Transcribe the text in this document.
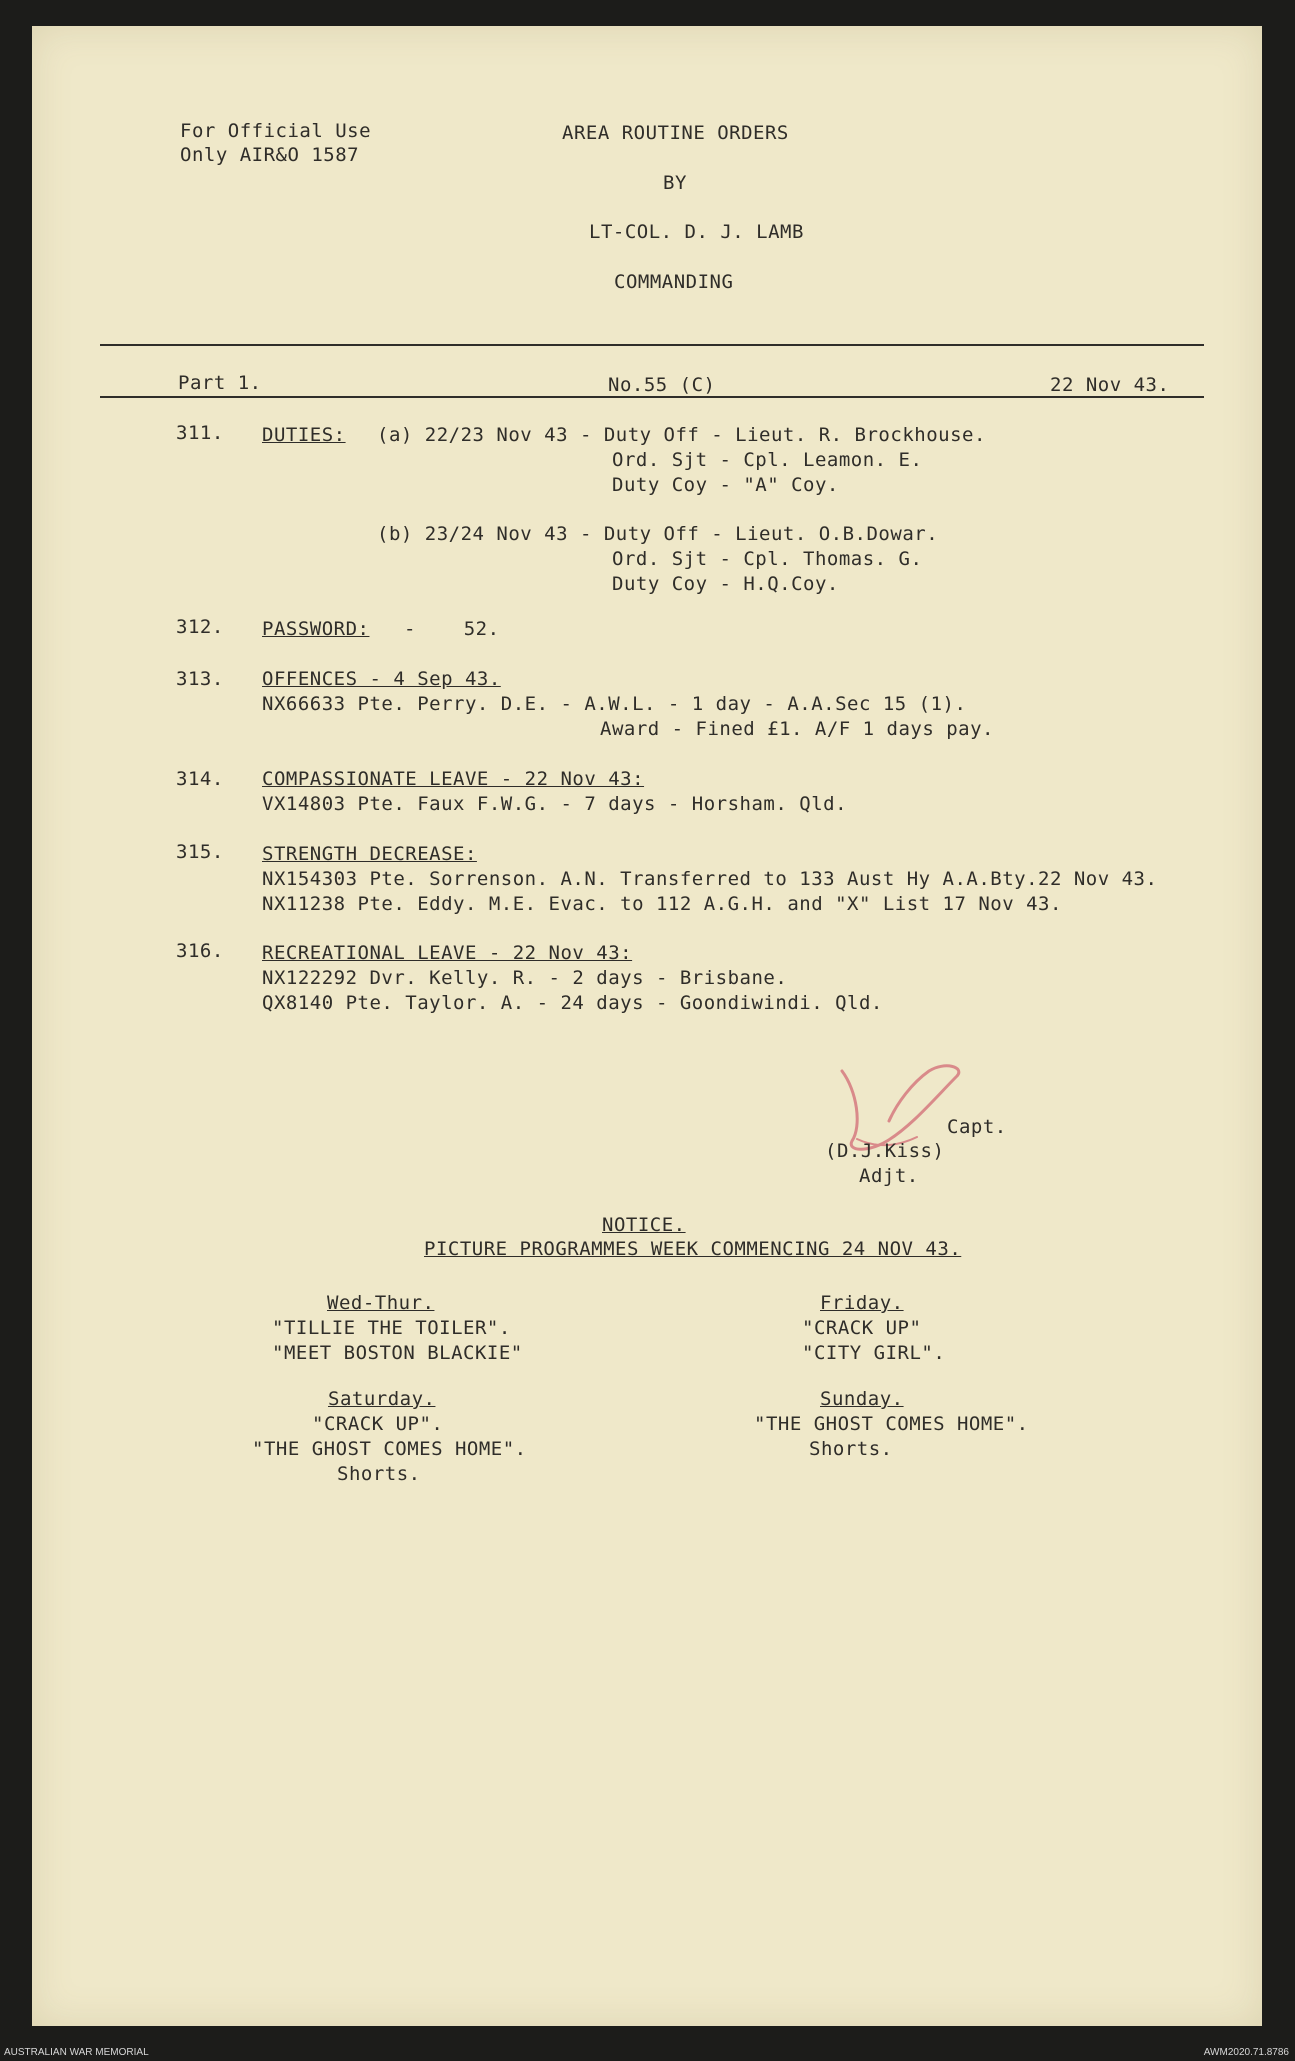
For Official Use
Only AIR&O 1587
AREA ROUTINE ORDERS
BY
LT-COL. D. J. LAMB
COMMANDING
Part 1.	No.55 (C)	22 Nov 43.
311. DUTIES: (a) 22/23 Nov 43 - Duty Off - Lieut. R. Brockhouse.
Ord. Sjt - Cpl. Leamon. E.
Duty Coy - "A" Coy.
(b) 23/24 Nov 43 - Duty Off - Lieut. O.B.Dowar.
Ord. Sjt - Cpl. Thomas. G.
Duty Coy - H.Q.Coy.
312. PASSWORD: -    52.
313. OFFENCES - 4 Sep 43.
NX66633 Pte. Perry. D.E. - A.W.L. - 1 day - A.A.Sec 15 (1).
Award - Fined £1. A/F 1 days pay.
314. COMPASSIONATE LEAVE - 22 Nov 43:
VX14803 Pte. Faux F.W.G. - 7 days - Horsham. Qld.
315. STRENGTH DECREASE:
NX154303 Pte. Sorrenson. A.N. Transferred to 133 Aust Hy A.A.Bty.22 Nov 43.
NX11238 Pte. Eddy. M.E. Evac. to 112 A.G.H. and "X" List 17 Nov 43.
316. RECREATIONAL LEAVE - 22 Nov 43:
NX122292 Dvr. Kelly. R. - 2 days - Brisbane.
QX8140 Pte. Taylor. A. - 24 days - Goondiwindi. Qld.
Capt.
(D.J.Kiss)
Adjt.
NOTICE.
PICTURE PROGRAMMES WEEK COMMENCING 24 NOV 43.
Wed-Thur.
"TILLIE THE TOILER".
"MEET BOSTON BLACKIE"
Friday.
"CRACK UP"
"CITY GIRL".
Saturday.
"CRACK UP".
"THE GHOST COMES HOME".
Shorts.
Sunday.
"THE GHOST COMES HOME".
Shorts.
AUSTRALIAN WAR MEMORIAL	AWM2020.71.8786
